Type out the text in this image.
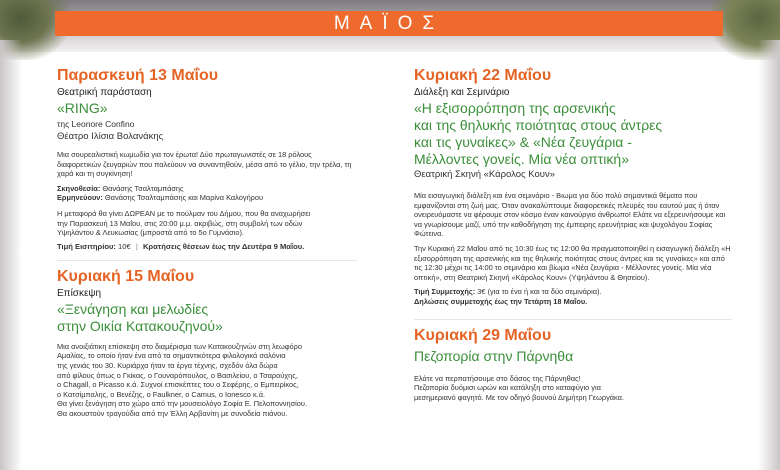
ΜΑΪΟΣ
Παρασκευή 13 Μαΐου
Θεατρική παράσταση
«RING»
της Leonore Confino
Θέατρο Ιλίσια Βολανάκης

Μια σουρεαλιστική κωμωδία για τον έρωτα! Δύο πρωταγωνιστές σε 18 ρόλους διαφορετικών ζευγαριών που παλεύουν να συναντηθούν, μέσα από το γέλιο, την τρέλα, τη χαρά και τη συγκίνηση!

Σκηνοθεσία: Θανάσης Τσαλταμπάσης
Ερμηνεύουν: Θανάσης Τσαλταμπάσης και Μαρίνα Καλογήρου
Η μεταφορά θα γίνει ΔΩΡΕΑΝ με το πούλμαν του Δήμου, που θα αναχωρήσει
την Παρασκευή 13 Μαΐου, στις 20:00 μ.μ. ακριβώς, στη συμβολή των οδών
Υψηλάντου & Λευκωσίας (μπροστά από το 5ο Γυμνάσιο).
Τιμή Εισιτηρίου: 10€ | Κρατήσεις θέσεων έως την Δευτέρα 9 Μαΐου.
Κυριακή 15 Μαΐου
Επίσκεψη
«Ξενάγηση και μελωδίες
στην Οικία Κατακουζηνού»
Μια ανοιξιάτικη επίσκεψη στο διαμέρισμα των Κατακουζηνών στη λεωφόρο
Αμαλίας, το οποίο ήταν ένα από τα σημαντικότερα φιλολογικά σαλόνια
της γενιάς του 30. Κυριάρχα ήταν τα έργα τέχνης, σχεδόν όλα δώρα
από φίλους όπως ο Γκίκας, ο Γουναρόπουλος, ο Βασιλείου, ο Τσαρούχης,
ο Chagall, ο Picasso κ.ά. Συχνοί επισκέπτες του ο Σεφέρης, ο Εμπειρίκος,
ο Κατσίμπαλης, ο Βενέζης, ο Faulkner, ο Camus, ο Ionesco κ.ά.
Θα γίνει ξενάγηση στο χώρο από την μουσειολόγο Σοφία Ε. Πελοποννησίου.
Θα ακουστούν τραγούδια από την Έλλη Αρβανίτη με συνοδεία πιάνου.
Κυριακή 22 Μαΐου
Διάλεξη και Σεμινάριο
«Η εξισορρόπηση της αρσενικής
και της θηλυκής ποιότητας στους άντρες
και τις γυναίκες» & «Νέα ζευγάρια -
Μέλλοντες γονείς. Μία νέα οπτική»
Θεατρική Σκηνή «Κάρολος Κουν»

Μία εισαγωγική διάλεξη και ένα σεμινάριο - Βιωμα για δύο πολύ σημαντικά θέματα που εμφανίζονται στη ζωή μας. Όταν ανακαλύπτουμε διαφορετικές πλευρές του εαυτού μας ή όταν ονειρευόμαστε να φέρουμε στον κόσμο έναν καινούργιο άνθρωπο! Ελάτε να εξερευνήσουμε και να γνωρίσουμε μαζί, υπό την καθοδήγηση της έμπειρης ερευνήτριας και ψυχολόγου Σοφίας Φώτεινα.

Την Κυριακή 22 Μαΐου από τις 10:30 έως τις 12:00 θα πραγματοποιηθεί η εισαγωγική διάλεξη «Η εξισορρόπηση της αρσενικής και της θηλυκής ποιότητας στους άντρες και τις γυναίκες» και από τις 12:30 μέχρι τις 14:00 το σεμινάριο και βίωμα «Νέα ζευγάρια - Μέλλοντες γονείς. Μία νέα οπτική», στη Θεατρική Σκηνή «Κάρολος Κουν» (Υψηλάντου & Θησείου).

Τιμή Συμμετοχής: 3€ (για το ένα ή και τα δύο σεμινάρια).
Δηλώσεις συμμετοχής έως την Τετάρτη 18 Μαΐου.
Κυριακή 29 Μαΐου
Πεζοπορία στην Πάρνηθα
Ελάτε να περπατήσουμε στο δάσος της Πάρνηθας!
Πεζοπορία δυόμισι ωρών και κατάληξη στο καταφύγιο για
μεσημεριανό φαγητό. Με τον οδηγό βουνού Δημήτρη Γεωργάκα.
